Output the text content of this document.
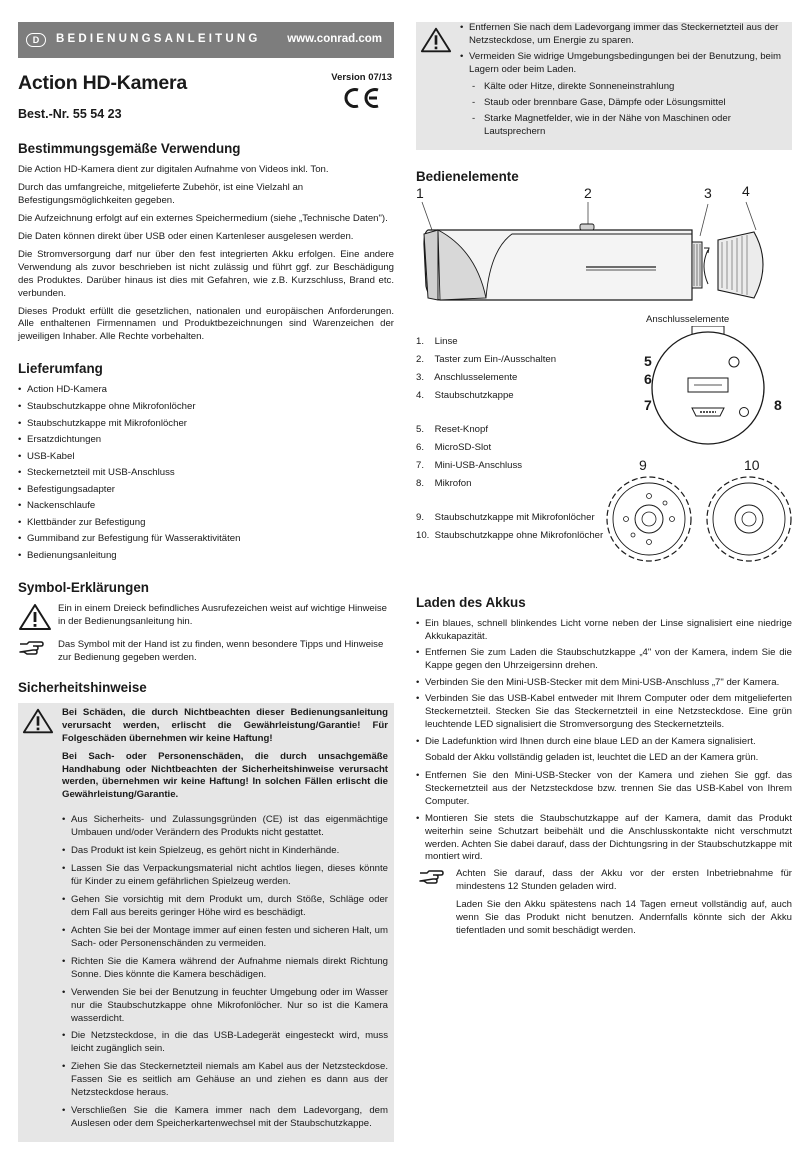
D	BEDIENUNGSANLEITUNG	www.conrad.com
Action HD-Kamera
Best.-Nr. 55 54 23
Version 07/13
Bestimmungsgemäße Verwendung

Die Action HD-Kamera dient zur digitalen Aufnahme von Videos inkl. Ton.

Durch das umfangreiche, mitgelieferte Zubehör, ist eine Vielzahl an Befestigungsmöglichkeiten gegeben.

Die Aufzeichnung erfolgt auf ein externes Speichermedium (siehe „Technische Daten").

Die Daten können direkt über USB oder einen Kartenleser ausgelesen werden.

Die Stromversorgung darf nur über den fest integrierten Akku erfolgen. Eine andere Verwendung als zuvor beschrieben ist nicht zulässig und führt ggf. zur Beschädigung des Produktes. Darüber hinaus ist dies mit Gefahren, wie z.B. Kurzschluss, Brand etc. verbunden.

Dieses Produkt erfüllt die gesetzlichen, nationalen und europäischen Anforderungen. Alle enthaltenen Firmennamen und Produktbezeichnungen sind Warenzeichen der jeweiligen Inhaber. Alle Rechte vorbehalten.

Lieferumfang
• Action HD-Kamera
• Staubschutzkappe ohne Mikrofonlöcher
• Staubschutzkappe mit Mikrofonlöcher
• Ersatzdichtungen
• USB-Kabel
• Steckernetzteil mit USB-Anschluss
• Befestigungsadapter
• Nackenschlaufe
• Klettbänder zur Befestigung
• Gummiband zur Befestigung für Wasseraktivitäten
• Bedienungsanleitung
Symbol-Erklärungen
Ein in einem Dreieck befindliches Ausrufezeichen weist auf wichtige Hinweise in der Bedienungsanleitung hin.
Das Symbol mit der Hand ist zu finden, wenn besondere Tipps und Hinweise zur Bedienung gegeben werden.
Sicherheitshinweise
Bei Schäden, die durch Nichtbeachten dieser Bedienungsanleitung verursacht werden, erlischt die Gewährleistung/Garantie! Für Folgeschäden übernehmen wir keine Haftung!
Bei Sach- oder Personenschäden, die durch unsachgemäße Handhabung oder Nichtbeachten der Sicherheitshinweise verursacht werden, übernehmen wir keine Haftung! In solchen Fällen erlischt die Gewährleistung/Garantie.
• Aus Sicherheits- und Zulassungsgründen (CE) ist das eigenmächtige Umbauen und/oder Verändern des Produkts nicht gestattet.
• Das Produkt ist kein Spielzeug, es gehört nicht in Kinderhände.
• Lassen Sie das Verpackungsmaterial nicht achtlos liegen, dieses könnte für Kinder zu einem gefährlichen Spielzeug werden.
• Gehen Sie vorsichtig mit dem Produkt um, durch Stöße, Schläge oder dem Fall aus bereits geringer Höhe wird es beschädigt.
• Achten Sie bei der Montage immer auf einen festen und sicheren Halt, um Sach- oder Personenschänden zu vermeiden.
• Richten Sie die Kamera während der Aufnahme niemals direkt Richtung Sonne. Dies könnte die Kamera beschädigen.
• Verwenden Sie bei der Benutzung in feuchter Umgebung oder im Wasser nur die Staubschutzkappe ohne Mikrofonlöcher. Nur so ist die Kamera wasserdicht.
• Die Netzsteckdose, in die das USB-Ladegerät eingesteckt wird, muss leicht zugänglich sein.
• Ziehen Sie das Steckernetzteil niemals am Kabel aus der Netzsteckdose. Fassen Sie es seitlich am Gehäuse an und ziehen es dann aus der Netzsteckdose heraus.
• Verschließen Sie die Kamera immer nach dem Ladevorgang, dem Auslesen oder dem Speicherkartenwechsel mit der Staubschutzkappe.
• Entfernen Sie nach dem Ladevorgang immer das Steckernetzteil aus der Netzsteckdose, um Energie zu sparen.
• Vermeiden Sie widrige Umgebungsbedingungen bei der Benutzung, beim Lagern oder beim Laden.
- Kälte oder Hitze, direkte Sonneneinstrahlung
- Staub oder brennbare Gase, Dämpfe oder Lösungsmittel
- Starke Magnetfelder, wie in der Nähe von Maschinen oder Lautsprechern
Bedienelemente
1	2	3 4
Anschlusselemente
5
6
7	8
9	10
1. Linse
2. Taster zum Ein-/Ausschalten
3. Anschlusselemente
4. Staubschutzkappe
5. Reset-Knopf
6. MicroSD-Slot
7. Mini-USB-Anschluss
8. Mikrofon
9. Staubschutzkappe mit Mikrofonlöcher
10. Staubschutzkappe ohne Mikrofonlöcher
Laden des Akkus
• Ein blaues, schnell blinkendes Licht vorne neben der Linse signalisiert eine niedrige Akkukapazität.
• Entfernen Sie zum Laden die Staubschutzkappe „4" von der Kamera, indem Sie die Kappe gegen den Uhrzeigersinn drehen.
• Verbinden Sie den Mini-USB-Stecker mit dem Mini-USB-Anschluss „7" der Kamera.
• Verbinden Sie das USB-Kabel entweder mit Ihrem Computer oder dem mitgelieferten Steckernetzteil. Stecken Sie das Steckernetzteil in eine Netzsteckdose. Eine grün leuchtende LED signalisiert die Stromversorgung des Steckernetzteils.
• Die Ladefunktion wird Ihnen durch eine blaue LED an der Kamera signalisiert.

Sobald der Akku vollständig geladen ist, leuchtet die LED an der Kamera grün.

• Entfernen Sie den Mini-USB-Stecker von der Kamera und ziehen Sie ggf. das Steckernetzteil aus der Netzsteckdose bzw. trennen Sie das USB-Kabel von Ihrem Computer.
• Montieren Sie stets die Staubschutzkappe auf der Kamera, damit das Produkt weiterhin seine Schutzart beibehält und die Anschlusskontakte nicht verschmutzt werden. Achten Sie dabei darauf, dass der Dichtungsring in der Staubschutzkappe mit montiert wird.

Achten Sie darauf, dass der Akku vor der ersten Inbetriebnahme für mindestens 12 Stunden geladen wird.

Laden Sie den Akku spätestens nach 14 Tagen erneut vollständig auf, auch wenn Sie das Produkt nicht benutzen. Andernfalls könnte sich der Akku tiefentladen und somit beschädigt werden.
